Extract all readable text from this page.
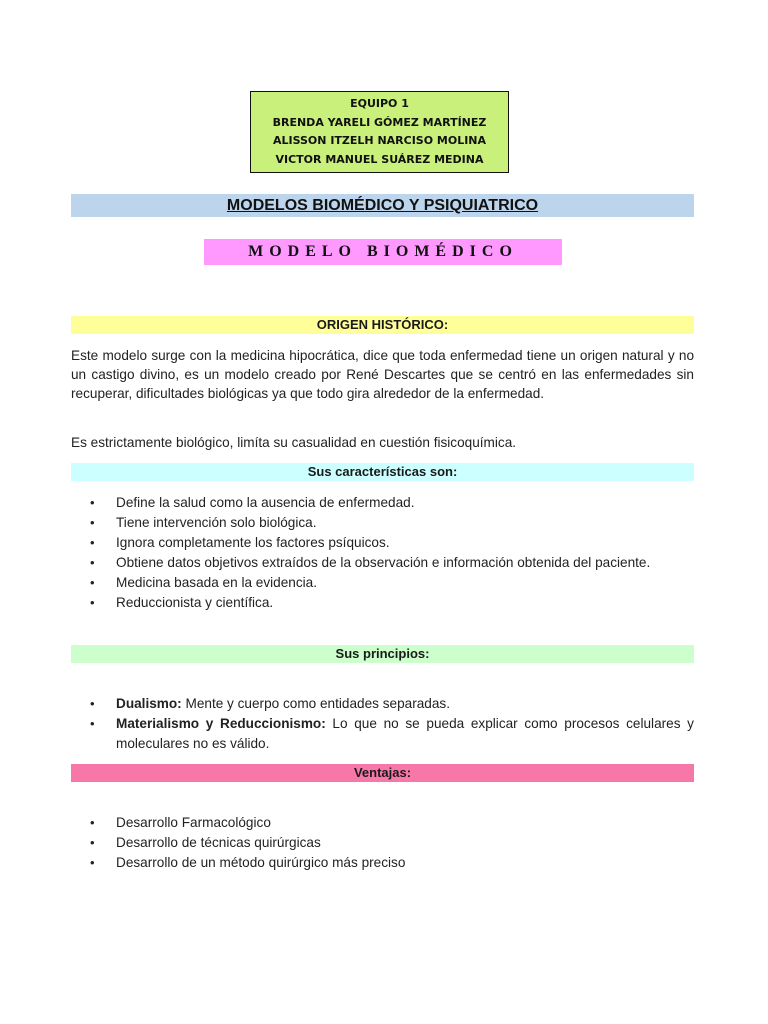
EQUIPO 1
BRENDA YARELI GÓMEZ MARTÍNEZ
ALISSON ITZELH NARCISO MOLINA
VICTOR MANUEL SUÁREZ MEDINA
MODELOS BIOMÉDICO Y PSIQUIATRICO
MODELO BIOMÉDICO
ORIGEN HISTÓRICO:

Este modelo surge con la medicina hipocrática, dice que toda enfermedad tiene un origen natural y no un castigo divino, es un modelo creado por René Descartes que se centró en las enfermedades sin recuperar, dificultades biológicas ya que todo gira alrededor de la enfermedad.

Es estrictamente biológico, limíta su casualidad en cuestión fisicoquímica.

Sus características son:
• Define la salud como la ausencia de enfermedad.
• Tiene intervención solo biológica.
• Ignora completamente los factores psíquicos.
• Obtiene datos objetivos extraídos de la observación e información obtenida del paciente.
• Medicina basada en la evidencia.
• Reduccionista y científica.
Sus principios:
• Dualismo: Mente y cuerpo como entidades separadas.
• Materialismo y Reduccionismo: Lo que no se pueda explicar como procesos celulares y moleculares no es válido.
Ventajas:
• Desarrollo Farmacológico
• Desarrollo de técnicas quirúrgicas
• Desarrollo de un método quirúrgico más preciso
